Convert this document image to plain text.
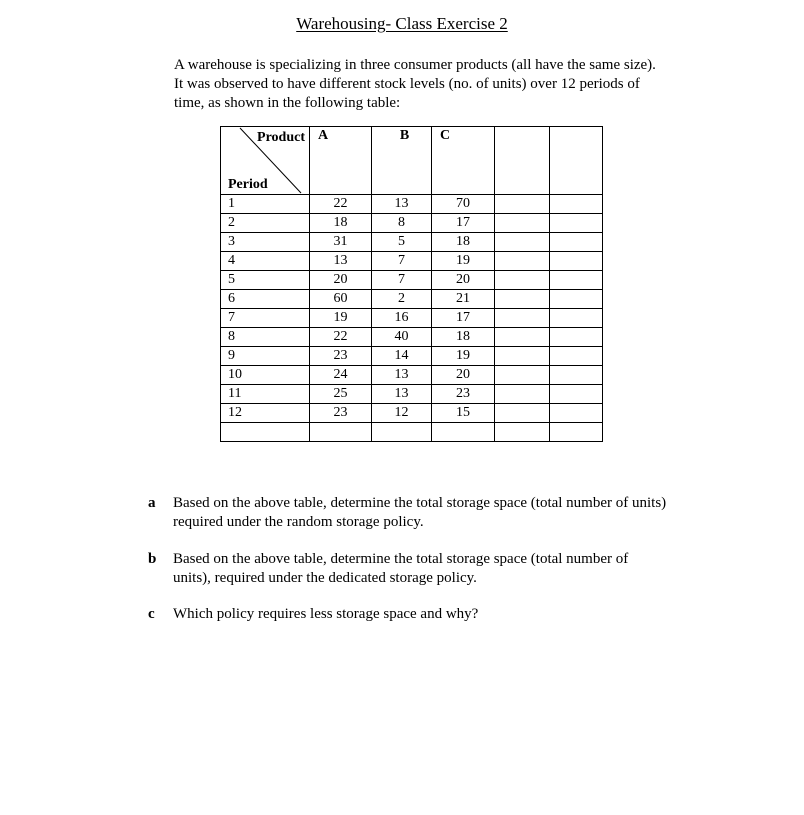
Warehousing- Class Exercise 2
A warehouse is specializing in three consumer products (all have the same size).
It was observed to have different stock levels (no. of units) over 12 periods of
time, as shown in the following table:
Product
Period	A	B	C		
1	22	13	70		
2	18	8	17		
3	31	5	18		
4	13	7	19		
5	20	7	20		
6	60	2	21		
7	19	16	17		
8	22	40	18		
9	23	14	19		
10	24	13	20		
11	25	13	23		
12	23	12	15		

a	Based on the above table, determine the total storage space (total number of units)
required under the random storage policy.
b	Based on the above table, determine the total storage space (total number of
units), required under the dedicated storage policy.
c	Which policy requires less storage space and why?
